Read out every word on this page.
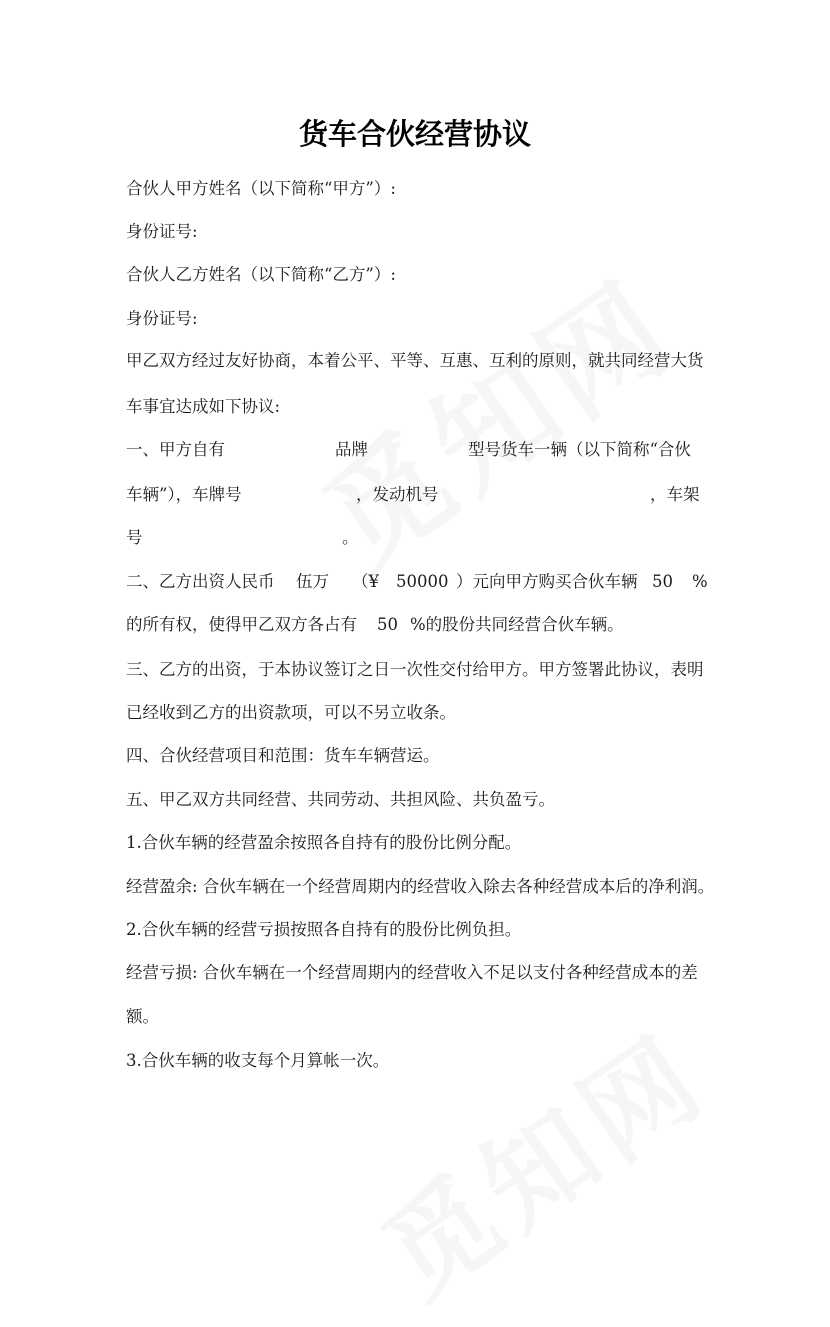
货车合伙经营协议
合伙人甲方姓名（以下简称“甲方”）:
身份证号:
合伙人乙方姓名（以下简称“乙方”）:
身份证号:
甲乙双方经过友好协商，本着公平、平等、互惠、互利的原则，就共同经营大货
车事宜达成如下协议:
一、甲方自有	品牌	型号货车一辆（以下简称“合伙
车辆”），车牌号	，发动机号	，车架
号	。
二、乙方出资人民币 伍万 （¥ 50000 ）元向甲方购买合伙车辆 50 %
的所有权，使得甲乙双方各占有 50 %的股份共同经营合伙车辆。
三、乙方的出资，于本协议签订之日一次性交付给甲方。甲方签署此协议，表明
已经收到乙方的出资款项，可以不另立收条。
四、合伙经营项目和范围：货车车辆营运。
五、甲乙双方共同经营、共同劳动、共担风险、共负盈亏。
1.合伙车辆的经营盈余按照各自持有的股份比例分配。
经营盈余: 合伙车辆在一个经营周期内的经营收入除去各种经营成本后的净利润。
2.合伙车辆的经营亏损按照各自持有的股份比例负担。
经营亏损: 合伙车辆在一个经营周期内的经营收入不足以支付各种经营成本的差
额。
3.合伙车辆的收支每个月算帐一次。
